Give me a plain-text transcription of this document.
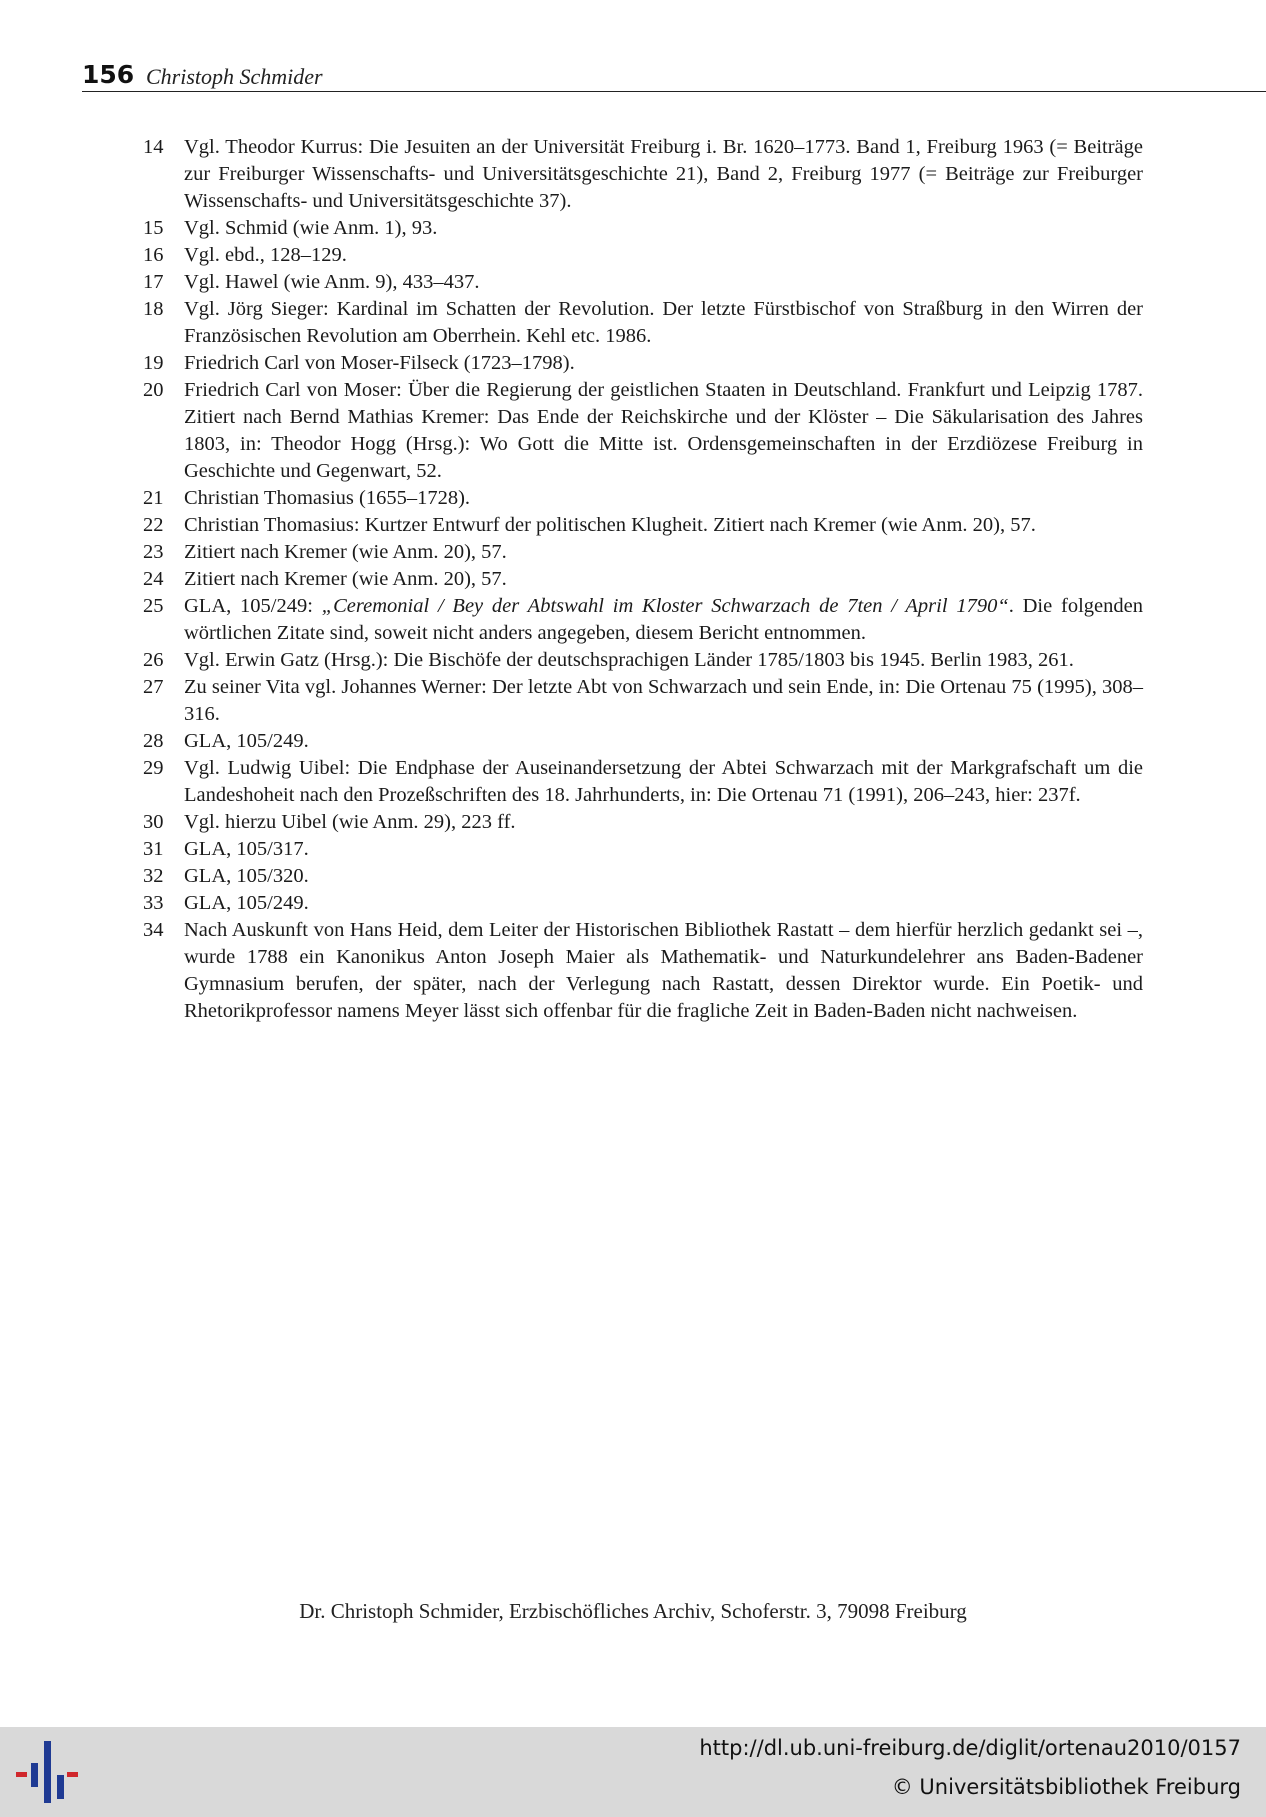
156 Christoph Schmider
14	Vgl. Theodor Kurrus: Die Jesuiten an der Universität Freiburg i. Br. 1620–1773. Band 1, Freiburg 1963 (= Beiträge zur Freiburger Wissenschafts- und Universitätsgeschichte 21), Band 2, Freiburg 1977 (= Beiträge zur Freiburger Wissenschafts- und Universitätsgeschichte 37).
15	Vgl. Schmid (wie Anm. 1), 93.
16	Vgl. ebd., 128–129.
17	Vgl. Hawel (wie Anm. 9), 433–437.
18	Vgl. Jörg Sieger: Kardinal im Schatten der Revolution. Der letzte Fürstbischof von Straßburg in den Wirren der Französischen Revolution am Oberrhein. Kehl etc. 1986.
19	Friedrich Carl von Moser-Filseck (1723–1798).
20	Friedrich Carl von Moser: Über die Regierung der geistlichen Staaten in Deutschland. Frankfurt und Leipzig 1787. Zitiert nach Bernd Mathias Kremer: Das Ende der Reichskirche und der Klöster – Die Säkularisation des Jahres 1803, in: Theodor Hogg (Hrsg.): Wo Gott die Mitte ist. Ordensgemeinschaften in der Erzdiözese Freiburg in Geschichte und Gegenwart, 52.
21	Christian Thomasius (1655–1728).
22	Christian Thomasius: Kurtzer Entwurf der politischen Klugheit. Zitiert nach Kremer (wie Anm. 20), 57.
23	Zitiert nach Kremer (wie Anm. 20), 57.
24	Zitiert nach Kremer (wie Anm. 20), 57.
25	GLA, 105/249: „Ceremonial / Bey der Abtswahl im Kloster Schwarzach de 7ten / April 1790“. Die folgenden wörtlichen Zitate sind, soweit nicht anders angegeben, diesem Bericht entnommen.
26	Vgl. Erwin Gatz (Hrsg.): Die Bischöfe der deutschsprachigen Länder 1785/1803 bis 1945. Berlin 1983, 261.
27	Zu seiner Vita vgl. Johannes Werner: Der letzte Abt von Schwarzach und sein Ende, in: Die Ortenau 75 (1995), 308–316.
28	GLA, 105/249.
29	Vgl. Ludwig Uibel: Die Endphase der Auseinandersetzung der Abtei Schwarzach mit der Markgrafschaft um die Landeshoheit nach den Prozeßschriften des 18. Jahrhunderts, in: Die Ortenau 71 (1991), 206–243, hier: 237f.
30	Vgl. hierzu Uibel (wie Anm. 29), 223 ff.
31	GLA, 105/317.
32	GLA, 105/320.
33	GLA, 105/249.
34	Nach Auskunft von Hans Heid, dem Leiter der Historischen Bibliothek Rastatt – dem hierfür herzlich gedankt sei –, wurde 1788 ein Kanonikus Anton Joseph Maier als Mathematik- und Naturkundelehrer ans Baden-Badener Gymnasium berufen, der später, nach der Verlegung nach Rastatt, dessen Direktor wurde. Ein Poetik- und Rhetorikprofessor namens Meyer lässt sich offenbar für die fragliche Zeit in Baden-Baden nicht nachweisen.
Dr. Christoph Schmider, Erzbischöfliches Archiv, Schoferstr. 3, 79098 Freiburg
http://dl.ub.uni-freiburg.de/diglit/ortenau2010/0157
© Universitätsbibliothek Freiburg
